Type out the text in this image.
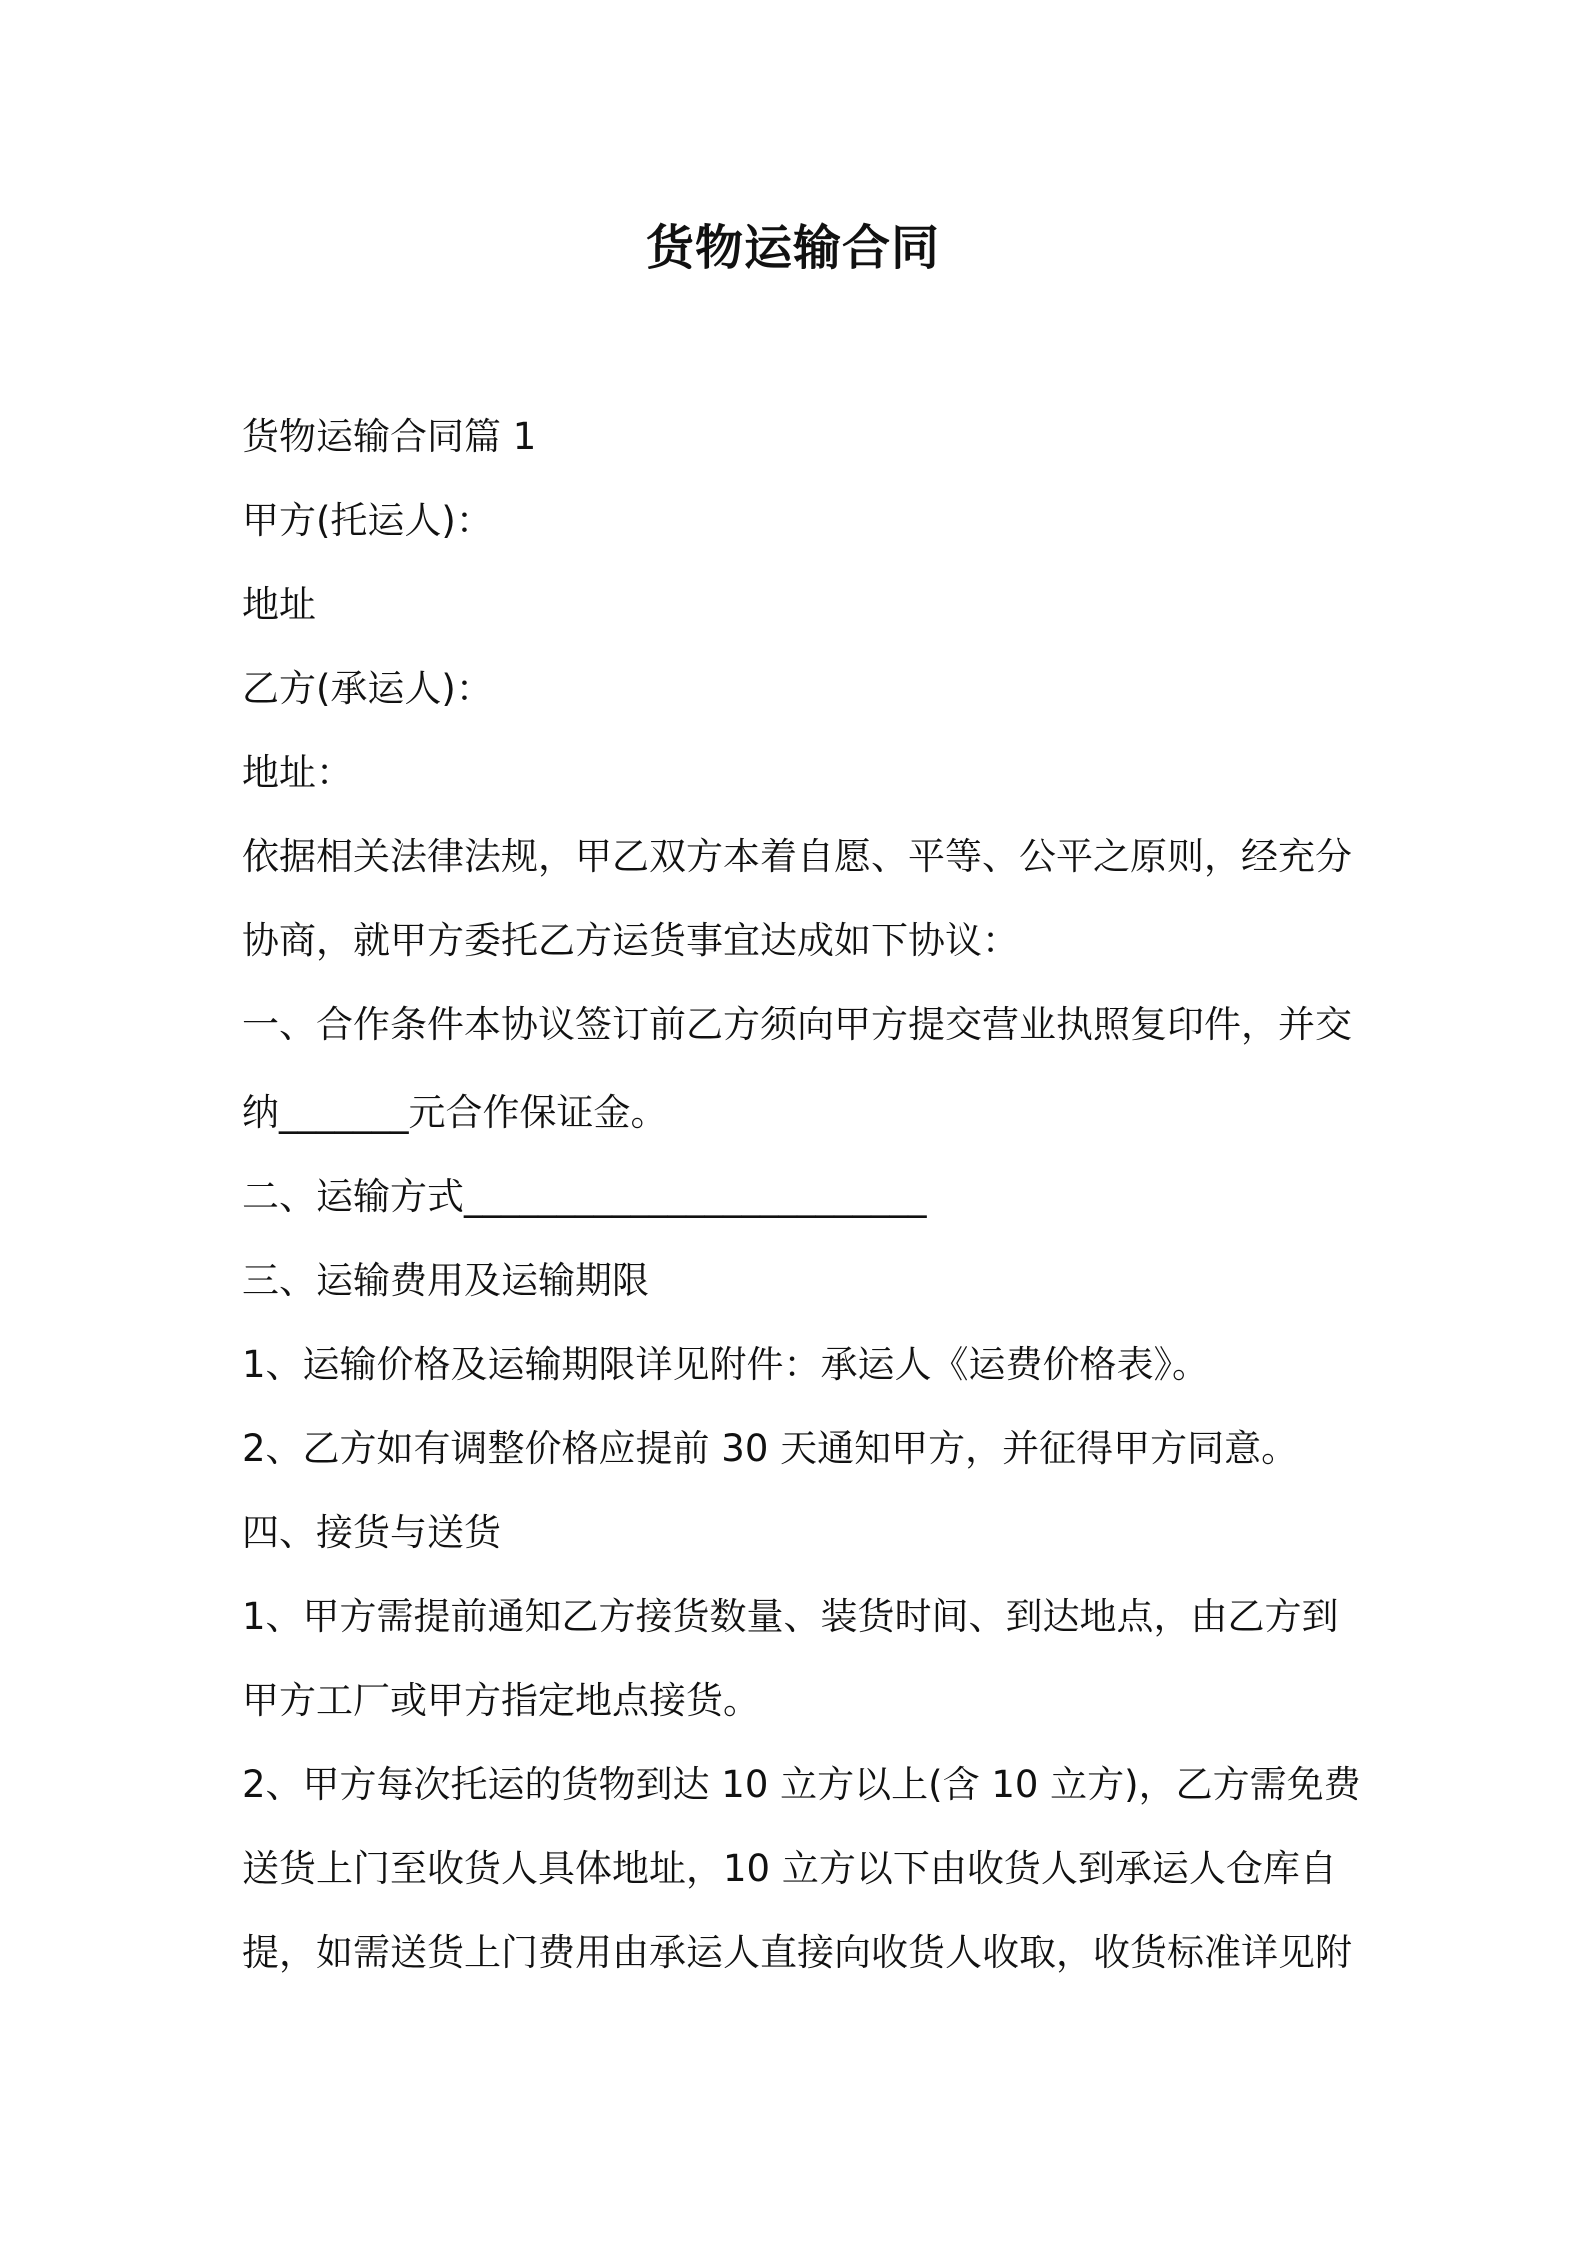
货物运输合同
货物运输合同篇 1
甲方(托运人)：
地址
乙方(承运人)：
地址：
依据相关法律法规，甲乙双方本着自愿、平等、公平之原则，经充分
协商，就甲方委托乙方运货事宜达成如下协议：
一、合作条件本协议签订前乙方须向甲方提交营业执照复印件，并交
纳_______元合作保证金。
二、运输方式_________________________
三、运输费用及运输期限
1、运输价格及运输期限详见附件：承运人《运费价格表》。
2、乙方如有调整价格应提前 30 天通知甲方，并征得甲方同意。
四、接货与送货
1、甲方需提前通知乙方接货数量、装货时间、到达地点，由乙方到
甲方工厂或甲方指定地点接货。
2、甲方每次托运的货物到达 10 立方以上(含 10 立方)，乙方需免费
送货上门至收货人具体地址，10 立方以下由收货人到承运人仓库自
提，如需送货上门费用由承运人直接向收货人收取，收货标准详见附
